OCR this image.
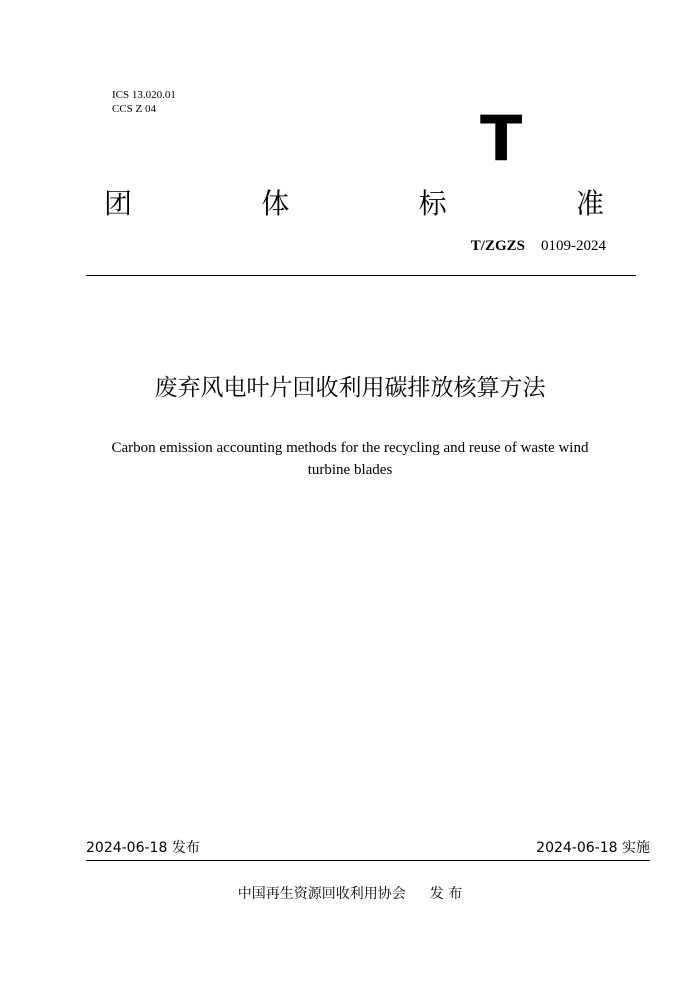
ICS 13.020.01
CCS Z 04	T
团	体	标	准
T/ZGZS 0109-2024
废弃风电叶片回收利用碳排放核算方法
Carbon emission accounting methods for the recycling and reuse of waste wind turbine blades
2024-06-18 发布	2024-06-18 实施
中国再生资源回收利用协会 发 布
